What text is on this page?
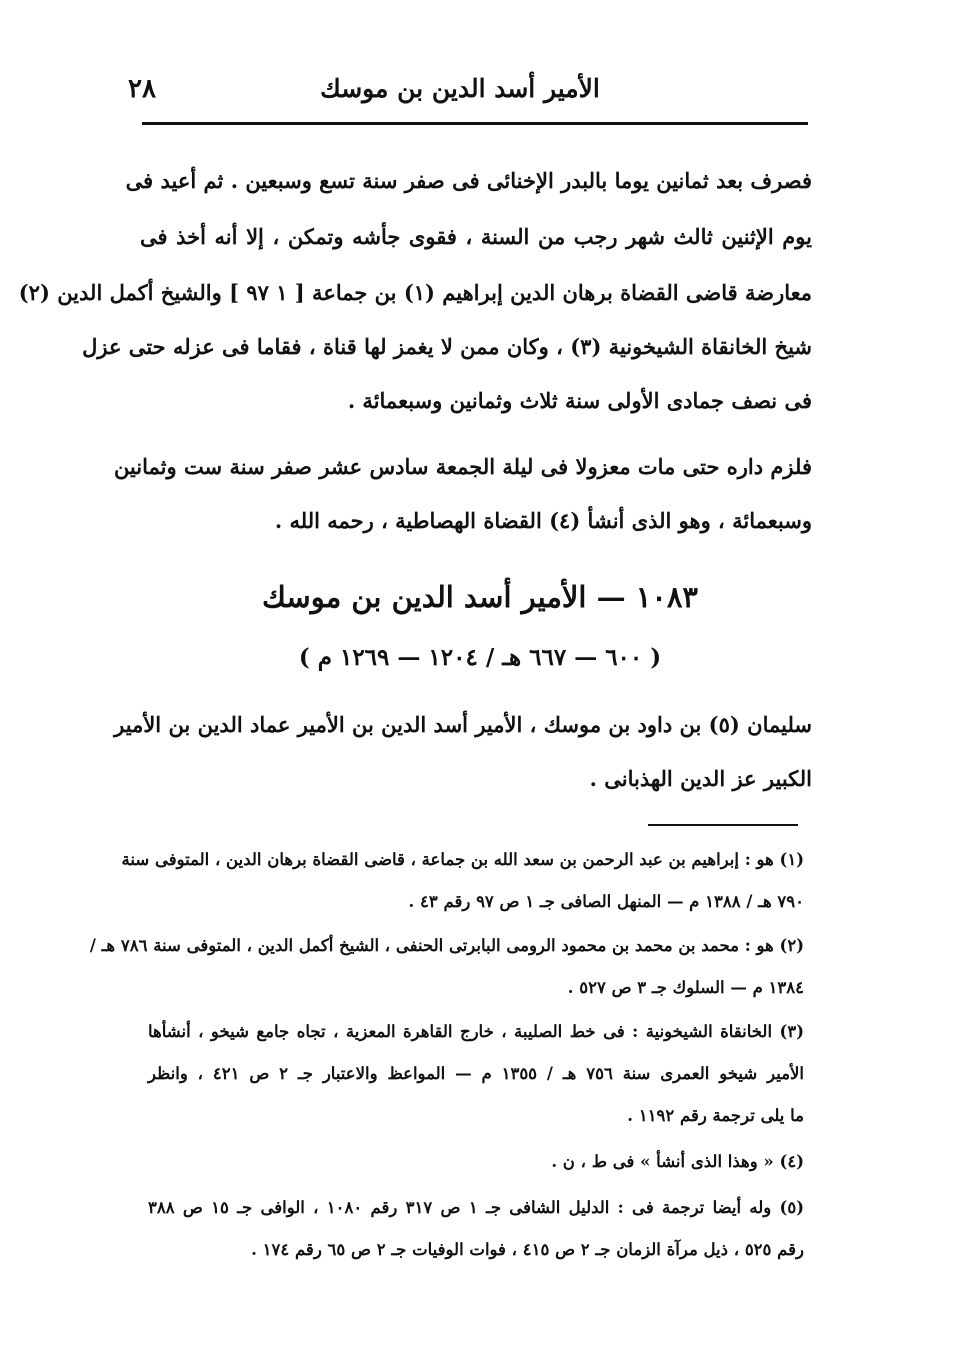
٢٨	الأمير أسد الدين بن موسك
فصرف بعد ثمانين يوما بالبدر الإخنائى فى صفر سنة تسع وسبعين . ثم أعيد فى
يوم الإثنين ثالث شهر رجب من السنة ، فقوى جأشه وتمكن ، إلا أنه أخذ فى
معارضة قاضى القضاة برهان الدين إبراهيم (١) بن جماعة [ ١ ٩٧ ] والشيخ أكمل الدين (٢)
شيخ الخانقاة الشيخونية (٣) ، وكان ممن لا يغمز لها قناة ، فقاما فى عزله حتى عزل
فى نصف جمادى الأولى سنة ثلاث وثمانين وسبعمائة .
فلزم داره حتى مات معزولا فى ليلة الجمعة سادس عشر صفر سنة ست وثمانين
وسبعمائة ، وهو الذى أنشأ (٤) القضاة الهصاطية ، رحمه الله .
١٠٨٣ — الأمير أسد الدين بن موسك
( ٦٠٠ — ٦٦٧ هـ / ١٢٠٤ — ١٢٦٩ م )
سليمان (٥) بن داود بن موسك ، الأمير أسد الدين بن الأمير عماد الدين بن الأمير
الكبير عز الدين الهذبانى .
(١) هو : إبراهيم بن عبد الرحمن بن سعد الله بن جماعة ، قاضى القضاة برهان الدين ، المتوفى سنة
٧٩٠ هـ / ١٣٨٨ م — المنهل الصافى جـ ١ ص ٩٧ رقم ٤٣ .
(٢) هو : محمد بن محمد بن محمود الرومى البابرتى الحنفى ، الشيخ أكمل الدين ، المتوفى سنة ٧٨٦ هـ /
١٣٨٤ م — السلوك جـ ٣ ص ٥٢٧ .
(٣) الخانقاة الشيخونية : فى خط الصليبة ، خارج القاهرة المعزية ، تجاه جامع شيخو ، أنشأها
الأمير شيخو العمرى سنة ٧٥٦ هـ / ١٣٥٥ م — المواعظ والاعتبار جـ ٢ ص ٤٢١ ، وانظر
ما يلى ترجمة رقم ١١٩٢ .
(٤) « وهذا الذى أنشأ » فى ط ، ن .
(٥) وله أيضا ترجمة فى : الدليل الشافى جـ ١ ص ٣١٧ رقم ١٠٨٠ ، الوافى جـ ١٥ ص ٣٨٨
رقم ٥٢٥ ، ذيل مرآة الزمان جـ ٢ ص ٤١٥ ، فوات الوفيات جـ ٢ ص ٦٥ رقم ١٧٤ .
